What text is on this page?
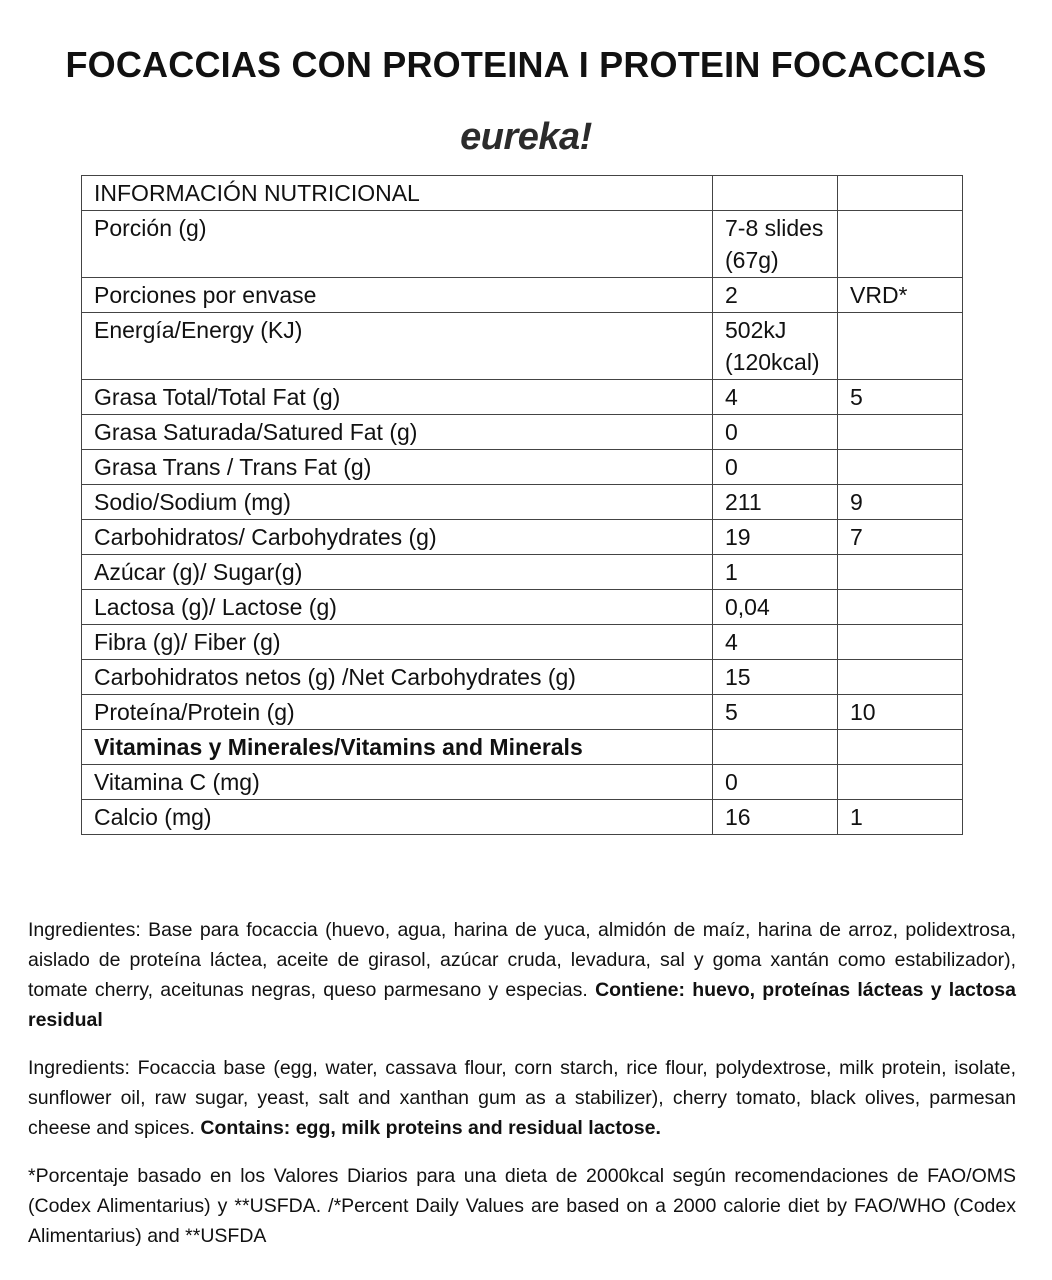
FOCACCIAS CON PROTEINA I PROTEIN FOCACCIAS
eureka!
INFORMACIÓN NUTRICIONAL		
Porción (g)	7-8 slides (67g)	
Porciones por envase	2	VRD*
Energía/Energy (KJ)	502kJ (120kcal)	
Grasa Total/Total Fat (g)	4	5
Grasa Saturada/Satured Fat (g)	0	
Grasa Trans / Trans Fat (g)	0	
Sodio/Sodium (mg)	211	9
Carbohidratos/ Carbohydrates (g)	19	7
Azúcar (g)/ Sugar(g)	1	
Lactosa (g)/ Lactose (g)	0,04	
Fibra (g)/ Fiber (g)	4	
Carbohidratos netos (g) /Net Carbohydrates (g)	15	
Proteína/Protein (g)	5	10
Vitaminas y Minerales/Vitamins and Minerals		
Vitamina C (mg)	0	
Calcio (mg)	16	1
Ingredientes: Base para focaccia (huevo, agua, harina de yuca, almidón de maíz, harina de arroz, polidextrosa, aislado de proteína láctea, aceite de girasol, azúcar cruda, levadura, sal y goma xantán como estabilizador), tomate cherry, aceitunas negras, queso parmesano y especias. Contiene: huevo, proteínas lácteas y lactosa residual
Ingredients: Focaccia base (egg, water, cassava flour, corn starch, rice flour, polydextrose, milk protein, isolate, sunflower oil, raw sugar, yeast, salt and xanthan gum as a stabilizer), cherry tomato, black olives, parmesan cheese and spices. Contains: egg, milk proteins and residual lactose.
*Porcentaje basado en los Valores Diarios para una dieta de 2000kcal según recomendaciones de FAO/OMS (Codex Alimentarius) y **USFDA. /*Percent Daily Values are based on a 2000 calorie diet by FAO/WHO (Codex Alimentarius) and **USFDA
